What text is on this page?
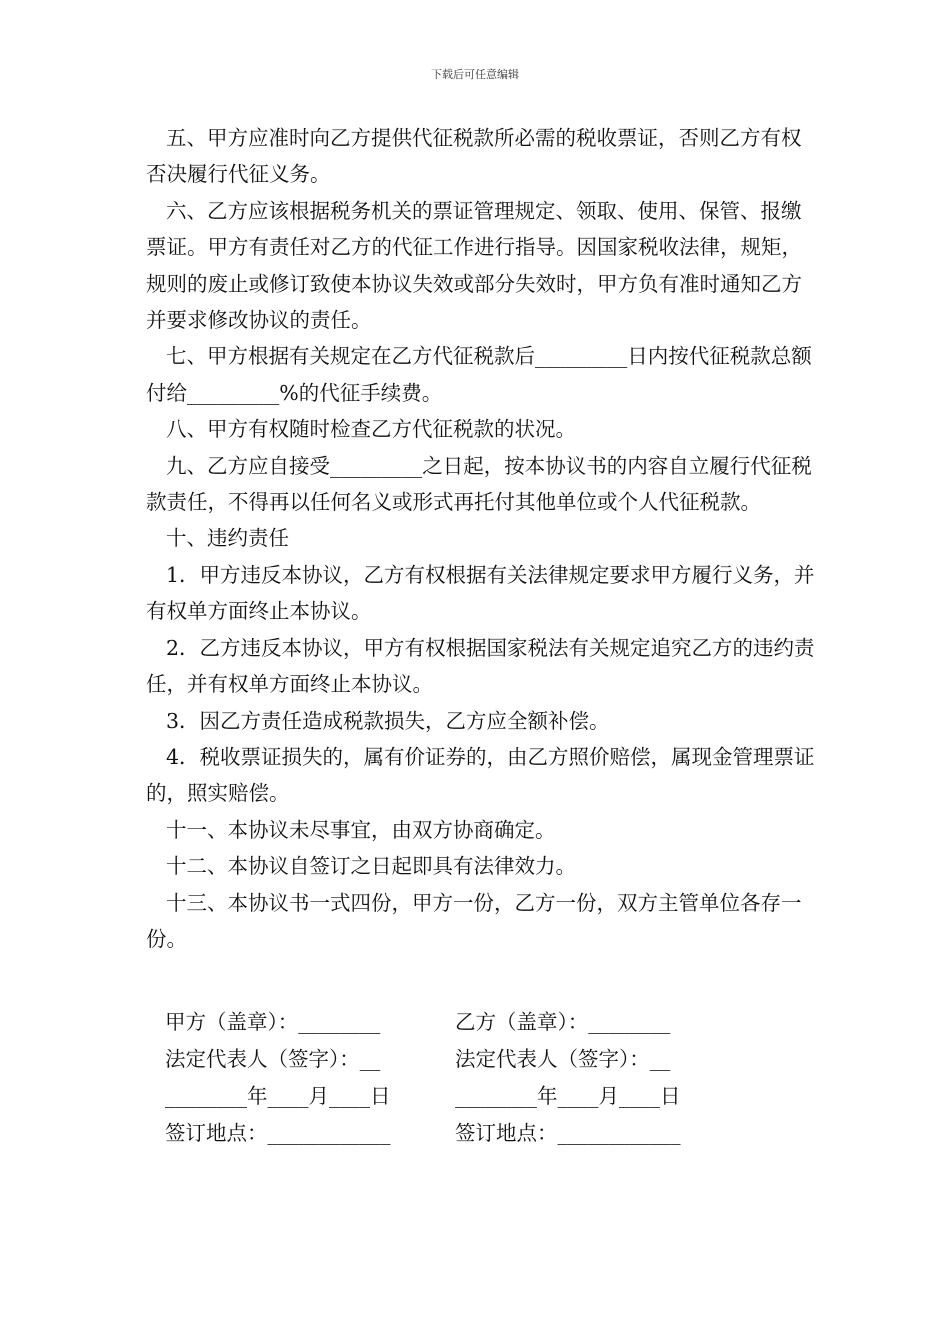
下载后可任意编辑

五、甲方应准时向乙方提供代征税款所必需的税收票证，否则乙方有权否决履行代征义务。

六、乙方应该根据税务机关的票证管理规定、领取、使用、保管、报缴票证。甲方有责任对乙方的代征工作进行指导。因国家税收法律，规矩，规则的废止或修订致使本协议失效或部分失效时，甲方负有准时通知乙方并要求修改协议的责任。

七、甲方根据有关规定在乙方代征税款后_________日内按代征税款总额付给_________%的代征手续费。

八、甲方有权随时检查乙方代征税款的状况。

九、乙方应自接受_________之日起，按本协议书的内容自立履行代征税款责任，不得再以任何名义或形式再托付其他单位或个人代征税款。

十、违约责任

1．甲方违反本协议，乙方有权根据有关法律规定要求甲方履行义务，并有权单方面终止本协议。

2．乙方违反本协议，甲方有权根据国家税法有关规定追究乙方的违约责任，并有权单方面终止本协议。

3．因乙方责任造成税款损失，乙方应全额补偿。

4．税收票证损失的，属有价证券的，由乙方照价赔偿，属现金管理票证的，照实赔偿。

十一、本协议未尽事宜，由双方协商确定。

十二、本协议自签订之日起即具有法律效力。

十三、本协议书一式四份，甲方一份，乙方一份，双方主管单位各存一份。

甲方（盖章）：________	乙方（盖章）：________
法定代表人（签字）：__	法定代表人（签字）：__
________年____月____日	________年____月____日
签订地点：____________	签订地点：____________
